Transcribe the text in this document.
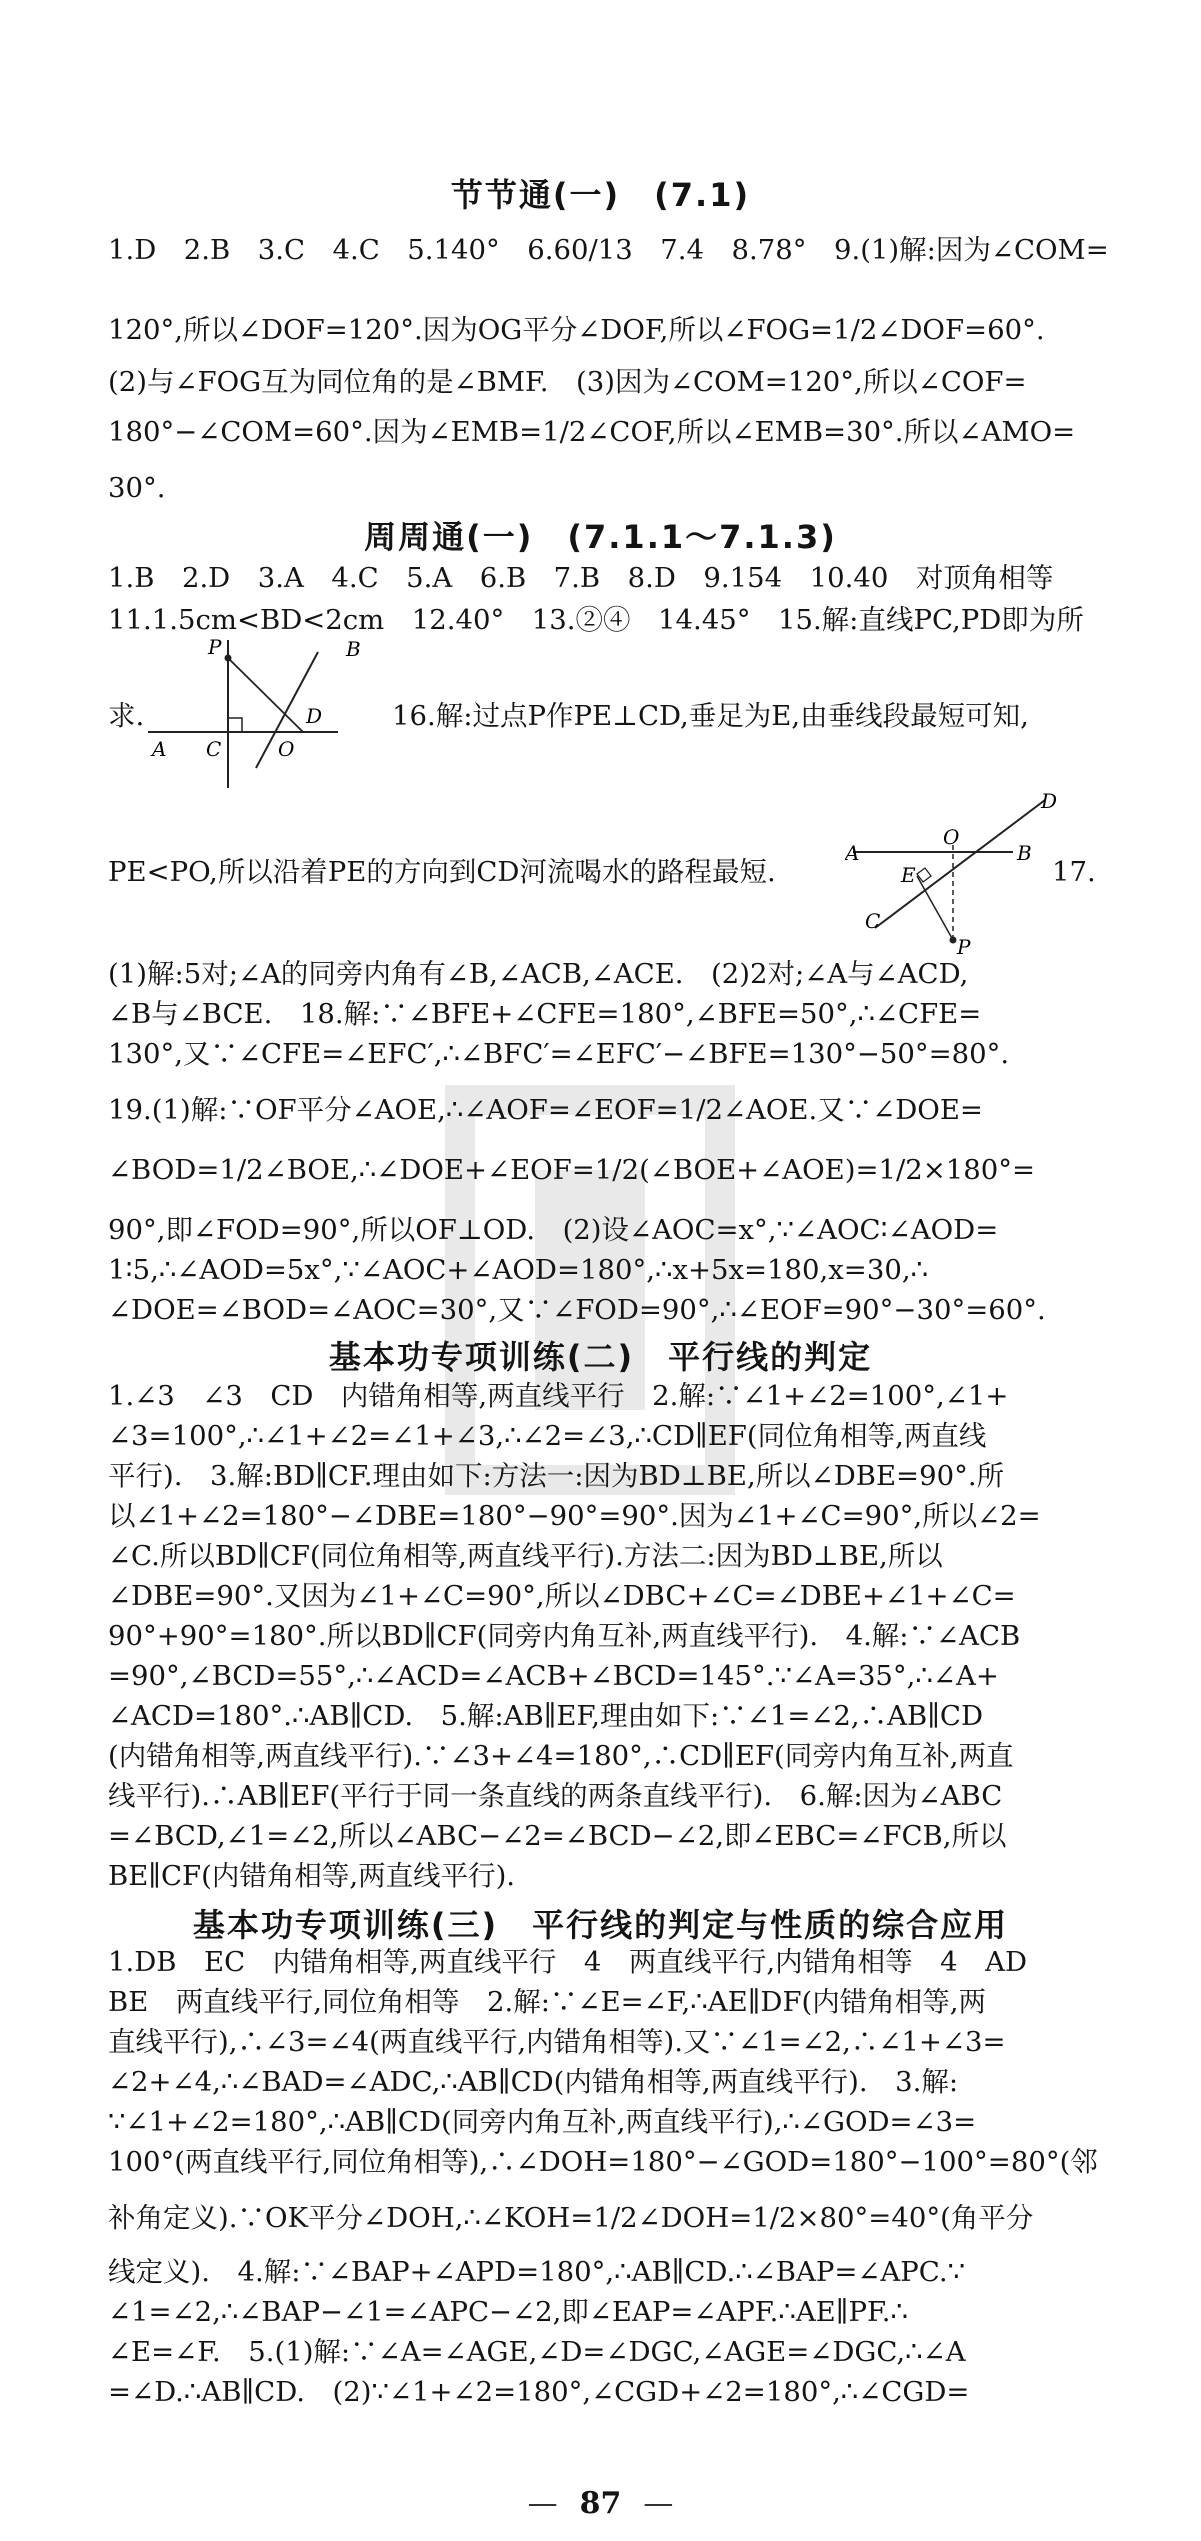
节节通(一)　(7.1)
1.D　2.B　3.C　4.C　5.140°　6.60/13　7.4　8.78°　9.(1)解:因为∠COM=
120°,所以∠DOF=120°.因为OG平分∠DOF,所以∠FOG=1/2∠DOF=60°.
(2)与∠FOG互为同位角的是∠BMF.　(3)因为∠COM=120°,所以∠COF=
180°−∠COM=60°.因为∠EMB=1/2∠COF,所以∠EMB=30°.所以∠AMO=
30°.
周周通(一)　(7.1.1～7.1.3)
1.B　2.D　3.A　4.C　5.A　6.B　7.B　8.D　9.154　10.40　对顶角相等
11.1.5cm<BD<2cm　12.40°　13.②④　14.45°　15.解:直线PC,PD即为所
P	B
A C	O
D
求.	16.解:过点P作PE⊥CD,垂足为E,由垂线段最短可知,
D
A
O
B
E
C
P
PE<PO,所以沿着PE的方向到CD河流喝水的路程最短.	17.
(1)解:5对;∠A的同旁内角有∠B,∠ACB,∠ACE.　(2)2对;∠A与∠ACD,
∠B与∠BCE.　18.解:∵∠BFE+∠CFE=180°,∠BFE=50°,∴∠CFE=
130°,又∵∠CFE=∠EFC′,∴∠BFC′=∠EFC′−∠BFE=130°−50°=80°.
19.(1)解:∵OF平分∠AOE,∴∠AOF=∠EOF=1/2∠AOE.又∵∠DOE=
∠BOD=1/2∠BOE,∴∠DOE+∠EOF=1/2(∠BOE+∠AOE)=1/2×180°=
90°,即∠FOD=90°,所以OF⊥OD.　(2)设∠AOC=x°,∵∠AOC∶∠AOD=
1∶5,∴∠AOD=5x°,∵∠AOC+∠AOD=180°,∴x+5x=180,x=30,∴
∠DOE=∠BOD=∠AOC=30°,又∵∠FOD=90°,∴∠EOF=90°−30°=60°.
基本功专项训练(二)　平行线的判定
1.∠3　∠3　CD　内错角相等,两直线平行　2.解:∵∠1+∠2=100°,∠1+
∠3=100°,∴∠1+∠2=∠1+∠3,∴∠2=∠3,∴CD∥EF(同位角相等,两直线
平行).　3.解:BD∥CF.理由如下:方法一:因为BD⊥BE,所以∠DBE=90°.所
以∠1+∠2=180°−∠DBE=180°−90°=90°.因为∠1+∠C=90°,所以∠2=
∠C.所以BD∥CF(同位角相等,两直线平行).方法二:因为BD⊥BE,所以
∠DBE=90°.又因为∠1+∠C=90°,所以∠DBC+∠C=∠DBE+∠1+∠C=
90°+90°=180°.所以BD∥CF(同旁内角互补,两直线平行).　4.解:∵∠ACB
=90°,∠BCD=55°,∴∠ACD=∠ACB+∠BCD=145°.∵∠A=35°,∴∠A+
∠ACD=180°.∴AB∥CD.　5.解:AB∥EF,理由如下:∵∠1=∠2,∴AB∥CD
(内错角相等,两直线平行).∵∠3+∠4=180°,∴CD∥EF(同旁内角互补,两直
线平行).∴AB∥EF(平行于同一条直线的两条直线平行).　6.解:因为∠ABC
=∠BCD,∠1=∠2,所以∠ABC−∠2=∠BCD−∠2,即∠EBC=∠FCB,所以
BE∥CF(内错角相等,两直线平行).
基本功专项训练(三)　平行线的判定与性质的综合应用
1.DB　EC　内错角相等,两直线平行　4　两直线平行,内错角相等　4　AD
BE　两直线平行,同位角相等　2.解:∵∠E=∠F,∴AE∥DF(内错角相等,两
直线平行),∴∠3=∠4(两直线平行,内错角相等).又∵∠1=∠2,∴∠1+∠3=
∠2+∠4,∴∠BAD=∠ADC,∴AB∥CD(内错角相等,两直线平行).　3.解:
∵∠1+∠2=180°,∴AB∥CD(同旁内角互补,两直线平行),∴∠GOD=∠3=
100°(两直线平行,同位角相等),∴∠DOH=180°−∠GOD=180°−100°=80°(邻
补角定义).∵OK平分∠DOH,∴∠KOH=1/2∠DOH=1/2×80°=40°(角平分
线定义).　4.解:∵∠BAP+∠APD=180°,∴AB∥CD.∴∠BAP=∠APC.∵
∠1=∠2,∴∠BAP−∠1=∠APC−∠2,即∠EAP=∠APF.∴AE∥PF.∴
∠E=∠F.　5.(1)解:∵∠A=∠AGE,∠D=∠DGC,∠AGE=∠DGC,∴∠A
=∠D.∴AB∥CD.　(2)∵∠1+∠2=180°,∠CGD+∠2=180°,∴∠CGD=
— 87 —
